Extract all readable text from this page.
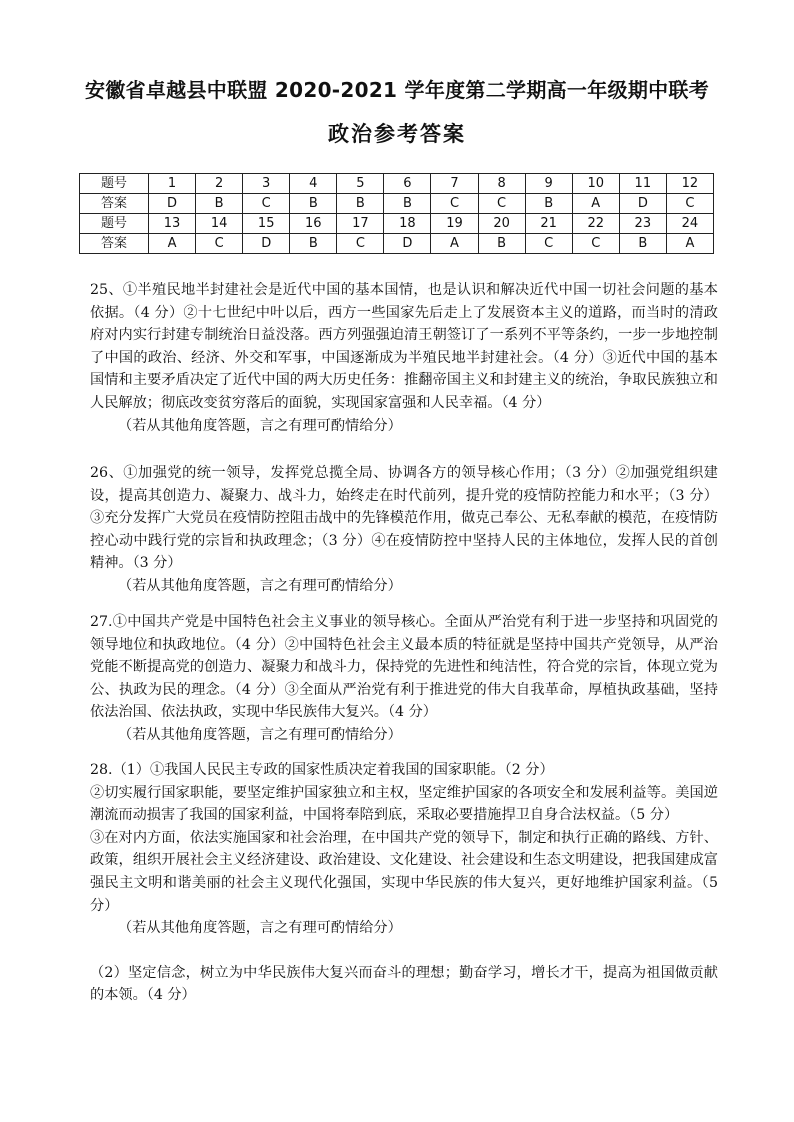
安徽省卓越县中联盟 2020-2021 学年度第二学期高一年级期中联考
政治参考答案
题号	1	2	3	4	5	6	7	8	9	10	11	12
答案	D	B	C	B	B	B	C	C	B	A	D	C
题号	13	14	15	16	17	18	19	20	21	22	23	24
答案	A	C	D	B	C	D	A	B	C	C	B	A

25、①半殖民地半封建社会是近代中国的基本国情，也是认识和解决近代中国一切社会问题的基本依据。（4 分）②十七世纪中叶以后，西方一些国家先后走上了发展资本主义的道路，而当时的清政府对内实行封建专制统治日益没落。西方列强强迫清王朝签订了一系列不平等条约，一步一步地控制了中国的政治、经济、外交和军事，中国逐渐成为半殖民地半封建社会。（4 分）③近代中国的基本国情和主要矛盾决定了近代中国的两大历史任务：推翻帝国主义和封建主义的统治，争取民族独立和人民解放；彻底改变贫穷落后的面貌，实现国家富强和人民幸福。（4 分）

（若从其他角度答题，言之有理可酌情给分）

26、①加强党的统一领导，发挥党总揽全局、协调各方的领导核心作用；（3 分）②加强党组织建设，提高其创造力、凝聚力、战斗力，始终走在时代前列，提升党的疫情防控能力和水平；（3 分）③充分发挥广大党员在疫情防控阻击战中的先锋模范作用，做克己奉公、无私奉献的模范，在疫情防控心动中践行党的宗旨和执政理念；（3 分）④在疫情防控中坚持人民的主体地位，发挥人民的首创精神。（3 分）

（若从其他角度答题，言之有理可酌情给分）

27.①中国共产党是中国特色社会主义事业的领导核心。全面从严治党有利于进一步坚持和巩固党的领导地位和执政地位。（4 分）②中国特色社会主义最本质的特征就是坚持中国共产党领导，从严治党能不断提高党的创造力、凝聚力和战斗力，保持党的先进性和纯洁性，符合党的宗旨，体现立党为公、执政为民的理念。（4 分）③全面从严治党有利于推进党的伟大自我革命，厚植执政基础，坚持依法治国、依法执政，实现中华民族伟大复兴。（4 分）

（若从其他角度答题，言之有理可酌情给分）

28.（1）①我国人民民主专政的国家性质决定着我国的国家职能。（2 分）

②切实履行国家职能，要坚定维护国家独立和主权，坚定维护国家的各项安全和发展利益等。美国逆潮流而动损害了我国的国家利益，中国将奉陪到底，采取必要措施捍卫自身合法权益。（5 分）

③在对内方面，依法实施国家和社会治理，在中国共产党的领导下，制定和执行正确的路线、方针、政策，组织开展社会主义经济建设、政治建设、文化建设、社会建设和生态文明建设，把我国建成富强民主文明和谐美丽的社会主义现代化强国，实现中华民族的伟大复兴，更好地维护国家利益。（5 分）

（若从其他角度答题，言之有理可酌情给分）

（2）坚定信念，树立为中华民族伟大复兴而奋斗的理想；勤奋学习，增长才干，提高为祖国做贡献的本领。（4 分）
